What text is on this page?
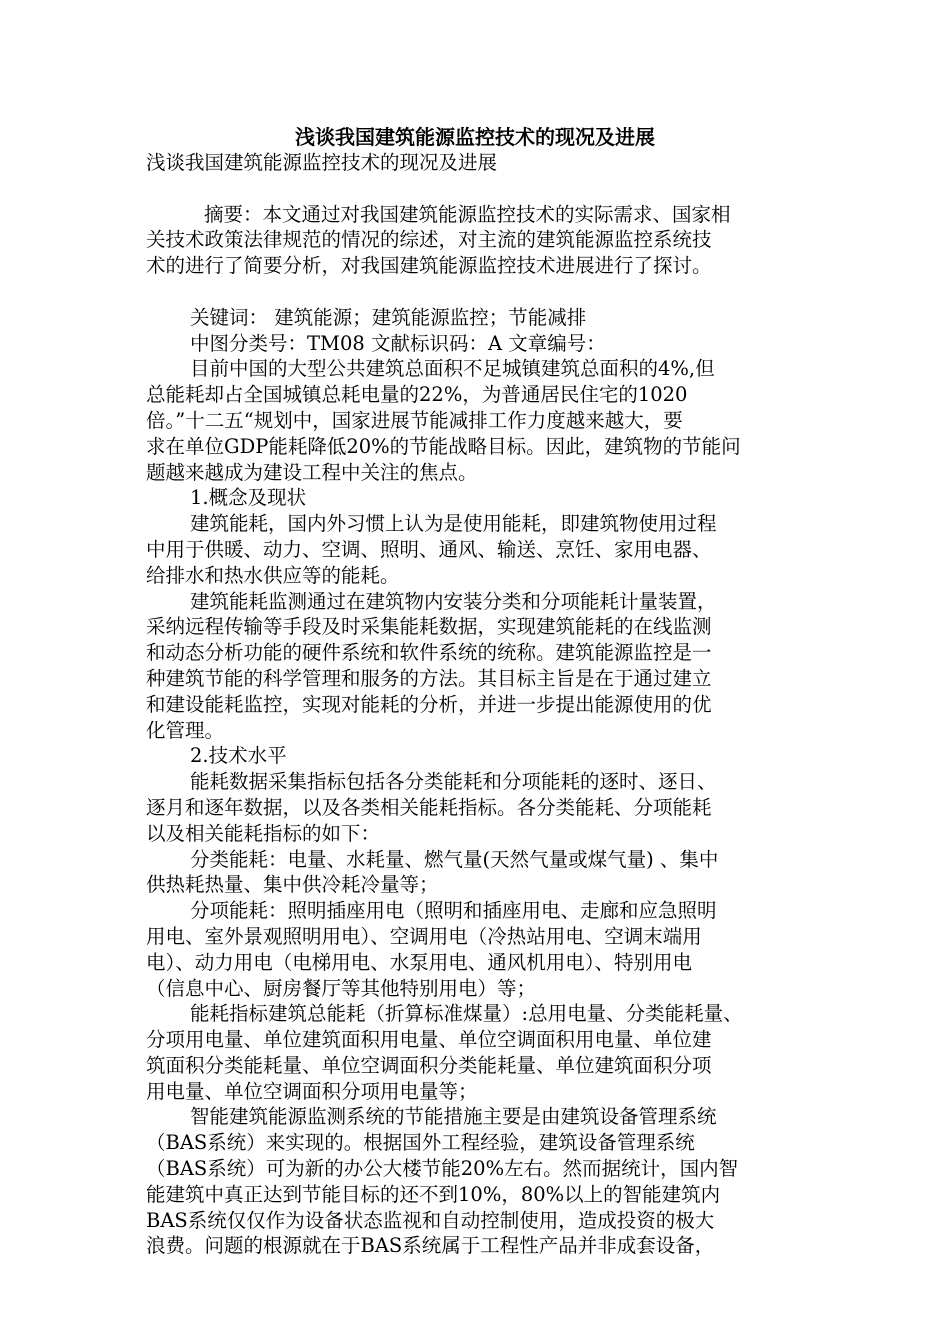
浅谈我国建筑能源监控技术的现况及进展
浅谈我国建筑能源监控技术的现况及进展
摘要：本文通过对我国建筑能源监控技术的实际需求、国家相
关技术政策法律规范的情况的综述，对主流的建筑能源监控系统技
术的进行了简要分析，对我国建筑能源监控技术进展进行了探讨。
关键词： 建筑能源；建筑能源监控；节能减排
中图分类号：TM08 文献标识码：A 文章编号：
目前中国的大型公共建筑总面积不足城镇建筑总面积的4%,但
总能耗却占全国城镇总耗电量的22%，为普通居民住宅的1020
倍。”十二五“规划中，国家进展节能减排工作力度越来越大，要
求在单位GDP能耗降低20%的节能战略目标。因此，建筑物的节能问
题越来越成为建设工程中关注的焦点。
1.概念及现状
建筑能耗，国内外习惯上认为是使用能耗，即建筑物使用过程
中用于供暖、动力、空调、照明、通风、输送、烹饪、家用电器、
给排水和热水供应等的能耗。
建筑能耗监测通过在建筑物内安装分类和分项能耗计量装置，
采纳远程传输等手段及时采集能耗数据，实现建筑能耗的在线监测
和动态分析功能的硬件系统和软件系统的统称。建筑能源监控是一
种建筑节能的科学管理和服务的方法。其目标主旨是在于通过建立
和建设能耗监控，实现对能耗的分析，并进一步提出能源使用的优
化管理。
2.技术水平
能耗数据采集指标包括各分类能耗和分项能耗的逐时、逐日、
逐月和逐年数据，以及各类相关能耗指标。各分类能耗、分项能耗
以及相关能耗指标的如下：
分类能耗：电量、水耗量、燃气量(天然气量或煤气量) 、集中
供热耗热量、集中供冷耗冷量等；
分项能耗：照明插座用电（照明和插座用电、走廊和应急照明
用电、室外景观照明用电）、空调用电（冷热站用电、空调末端用
电）、动力用电（电梯用电、水泵用电、通风机用电）、特别用电
（信息中心、厨房餐厅等其他特别用电）等；
能耗指标建筑总能耗（折算标准煤量）:总用电量、分类能耗量、
分项用电量、单位建筑面积用电量、单位空调面积用电量、单位建
筑面积分类能耗量、单位空调面积分类能耗量、单位建筑面积分项
用电量、单位空调面积分项用电量等；
智能建筑能源监测系统的节能措施主要是由建筑设备管理系统
（BAS系统）来实现的。根据国外工程经验，建筑设备管理系统
（BAS系统）可为新的办公大楼节能20%左右。然而据统计，国内智
能建筑中真正达到节能目标的还不到10%，80%以上的智能建筑内
BAS系统仅仅作为设备状态监视和自动控制使用，造成投资的极大
浪费。问题的根源就在于BAS系统属于工程性产品并非成套设备，
